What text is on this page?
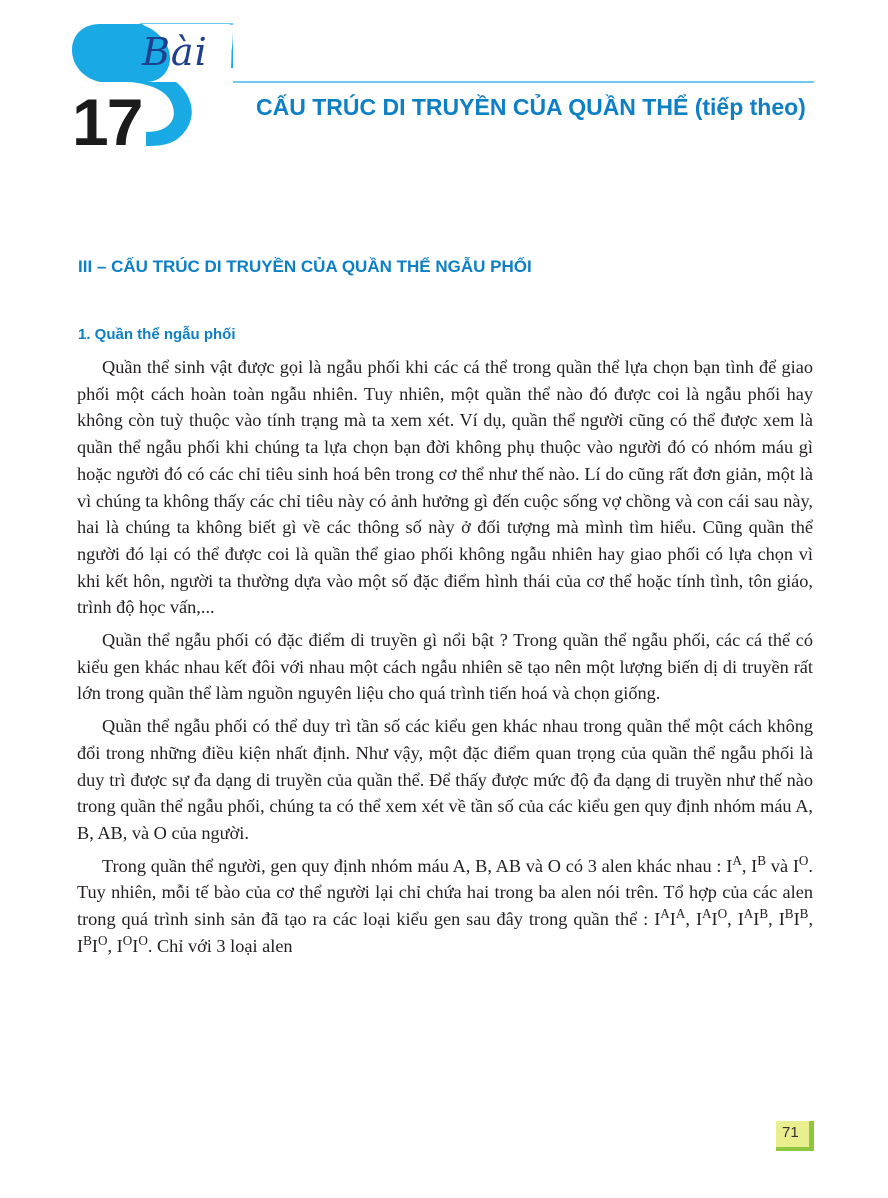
Bài
17	CẤU TRÚC DI TRUYỀN CỦA QUẦN THỂ (tiếp theo)
III – CẤU TRÚC DI TRUYỀN CỦA QUẦN THỂ NGẪU PHỐI
1. Quần thể ngẫu phối

Quần thể sinh vật được gọi là ngẫu phối khi các cá thể trong quần thể lựa chọn bạn tình để giao phối một cách hoàn toàn ngẫu nhiên. Tuy nhiên, một quần thể nào đó được coi là ngẫu phối hay không còn tuỳ thuộc vào tính trạng mà ta xem xét. Ví dụ, quần thể người cũng có thể được xem là quần thể ngẫu phối khi chúng ta lựa chọn bạn đời không phụ thuộc vào người đó có nhóm máu gì hoặc người đó có các chỉ tiêu sinh hoá bên trong cơ thể như thế nào. Lí do cũng rất đơn giản, một là vì chúng ta không thấy các chỉ tiêu này có ảnh hưởng gì đến cuộc sống vợ chồng và con cái sau này, hai là chúng ta không biết gì về các thông số này ở đối tượng mà mình tìm hiểu. Cũng quần thể người đó lại có thể được coi là quần thể giao phối không ngẫu nhiên hay giao phối có lựa chọn vì khi kết hôn, người ta thường dựa vào một số đặc điểm hình thái của cơ thể hoặc tính tình, tôn giáo, trình độ học vấn,...

Quần thể ngẫu phối có đặc điểm di truyền gì nổi bật ? Trong quần thể ngẫu phối, các cá thể có kiểu gen khác nhau kết đôi với nhau một cách ngẫu nhiên sẽ tạo nên một lượng biến dị di truyền rất lớn trong quần thể làm nguồn nguyên liệu cho quá trình tiến hoá và chọn giống.

Quần thể ngẫu phối có thể duy trì tần số các kiểu gen khác nhau trong quần thể một cách không đổi trong những điều kiện nhất định. Như vậy, một đặc điểm quan trọng của quần thể ngẫu phối là duy trì được sự đa dạng di truyền của quần thể. Để thấy được mức độ đa dạng di truyền như thế nào trong quần thể ngẫu phối, chúng ta có thể xem xét về tần số của các kiểu gen quy định nhóm máu A, B, AB, và O của người.

Trong quần thể người, gen quy định nhóm máu A, B, AB và O có 3 alen khác nhau : $I^A$, $I^B$ và $I^O$. Tuy nhiên, mỗi tế bào của cơ thể người lại chỉ chứa hai trong ba alen nói trên. Tổ hợp của các alen trong quá trình sinh sản đã tạo ra các loại kiểu gen sau đây trong quần thể : $I^AI^A$, $I^AI^O$, $I^AI^B$, $I^BI^B$, $I^BI^O$, $I^OI^O$. Chỉ với 3 loại alen

71
